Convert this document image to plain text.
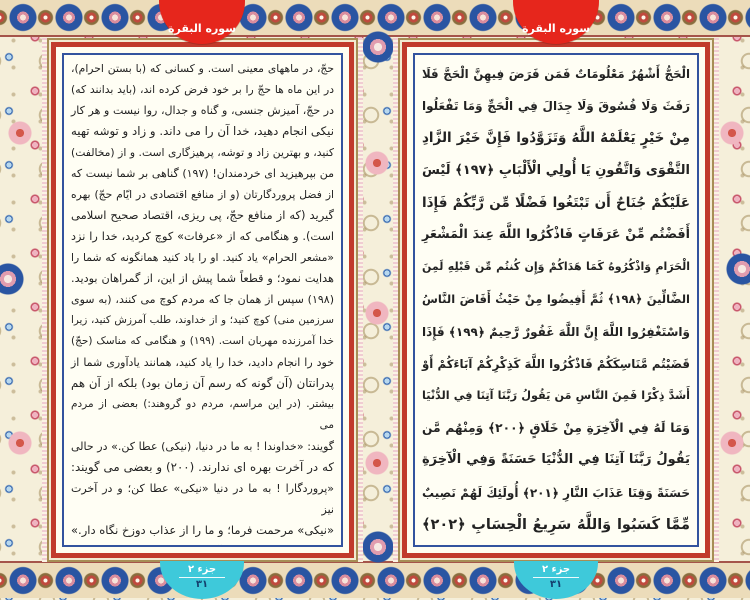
حجّ، در ماههای معینی است. و کسانی که (با بستن احرام)،
در این ماه ها حجّ را بر خود فرض کرده اند، (باید بدانند که)
در حجّ، آمیزش جنسی، و گناه و جدال، روا نیست و هر کار
نیکی انجام دهید، خدا آن را می داند. و زاد و توشه تهیه
کنید، و بهترین زاد و توشه، پرهیزگاری است. و از (مخالفت)
من بپرهیزید ای خردمندان! (۱۹۷) گناهی بر شما نیست که
از فضل پروردگارتان (و از منافع اقتصادی در ایّام حجّ) بهره
گیرید (که از منافع حجّ، پی ریزی، اقتصاد صحیح اسلامی
است). و هنگامی که از «عرفات» کوچ کردید، خدا را نزد
«مشعر الحرام» یاد کنید. او را یاد کنید همانگونه که شما را
هدایت نمود؛ و قطعاً شما پیش از این، از گمراهان بودید.
(۱۹۸) سپس از همان جا که مردم کوچ می کنند، (به سوی
سرزمین منی) کوچ کنید؛ و از خداوند، طلب آمرزش کنید، زیرا
خدا آمرزنده مهربان است. (۱۹۹) و هنگامی که مناسک (حجّ)
خود را انجام دادید، خدا را یاد کنید، همانند یادآوری شما از
پدرانتان (آن گونه که رسم آن زمان بود) بلکه از آن هم
بیشتر. (در این مراسم، مردم دو گروهند:) بعضی از مردم می
گویند: «خداوندا ! به ما در دنیا، (نیکی) عطا کن.» در حالی
که در آخرت بهره ای ندارند. (۲۰۰) و بعضی می گویند:
«پروردگارا ! به ما در دنیا «نیکی» عطا کن؛ و در آخرت نیز
«نیکی» مرحمت فرما؛ و ما را از عذاب دوزخ نگاه دار.»
الْحَجُّ أَشْهُرٌ مَعْلُومَاتٌ فَمَن فَرَضَ فِيهِنَّ الْحَجَّ فَلَا
رَفَثَ وَلَا فُسُوقَ وَلَا جِدَالَ فِي الْحَجِّ وَمَا تَفْعَلُوا
مِنْ خَيْرٍ يَعْلَمْهُ اللَّهُ وَتَزَوَّدُوا فَإِنَّ خَيْرَ الزَّادِ
التَّقْوَى وَاتَّقُونِ يَا أُولِي الْأَلْبَابِ ﴿١٩٧﴾ لَيْسَ
عَلَيْكُمْ جُنَاحٌ أَن تَبْتَغُوا فَضْلًا مِّن رَّبِّكُمْ فَإِذَا
أَفَضْتُم مِّنْ عَرَفَاتٍ فَاذْكُرُوا اللَّهَ عِندَ الْمَشْعَرِ
الْحَرَامِ وَاذْكُرُوهُ كَمَا هَدَاكُمْ وَإِن كُنتُم مِّن قَبْلِهِ لَمِنَ
الضَّالِّينَ ﴿١٩٨﴾ ثُمَّ أَفِيضُوا مِنْ حَيْثُ أَفَاضَ النَّاسُ
وَاسْتَغْفِرُوا اللَّهَ إِنَّ اللَّهَ غَفُورٌ رَّحِيمٌ ﴿١٩٩﴾ فَإِذَا
قَضَيْتُم مَّنَاسِكَكُمْ فَاذْكُرُوا اللَّهَ كَذِكْرِكُمْ آبَاءَكُمْ أَوْ
أَشَدَّ ذِكْرًا فَمِنَ النَّاسِ مَن يَقُولُ رَبَّنَا آتِنَا فِي الدُّنْيَا
وَمَا لَهُ فِي الْآخِرَةِ مِنْ خَلَاقٍ ﴿٢٠٠﴾ وَمِنْهُم مَّن
يَقُولُ رَبَّنَا آتِنَا فِي الدُّنْيَا حَسَنَةً وَفِي الْآخِرَةِ
حَسَنَةً وَقِنَا عَذَابَ النَّارِ ﴿٢٠١﴾ أُولَئِكَ لَهُمْ نَصِيبٌ
مِّمَّا كَسَبُوا وَاللَّهُ سَرِيعُ الْحِسَابِ ﴿٢٠٢﴾
سوره البقرة	سوره البقرة
جزء ۲
۳۱
جزء ۲
۳۱
